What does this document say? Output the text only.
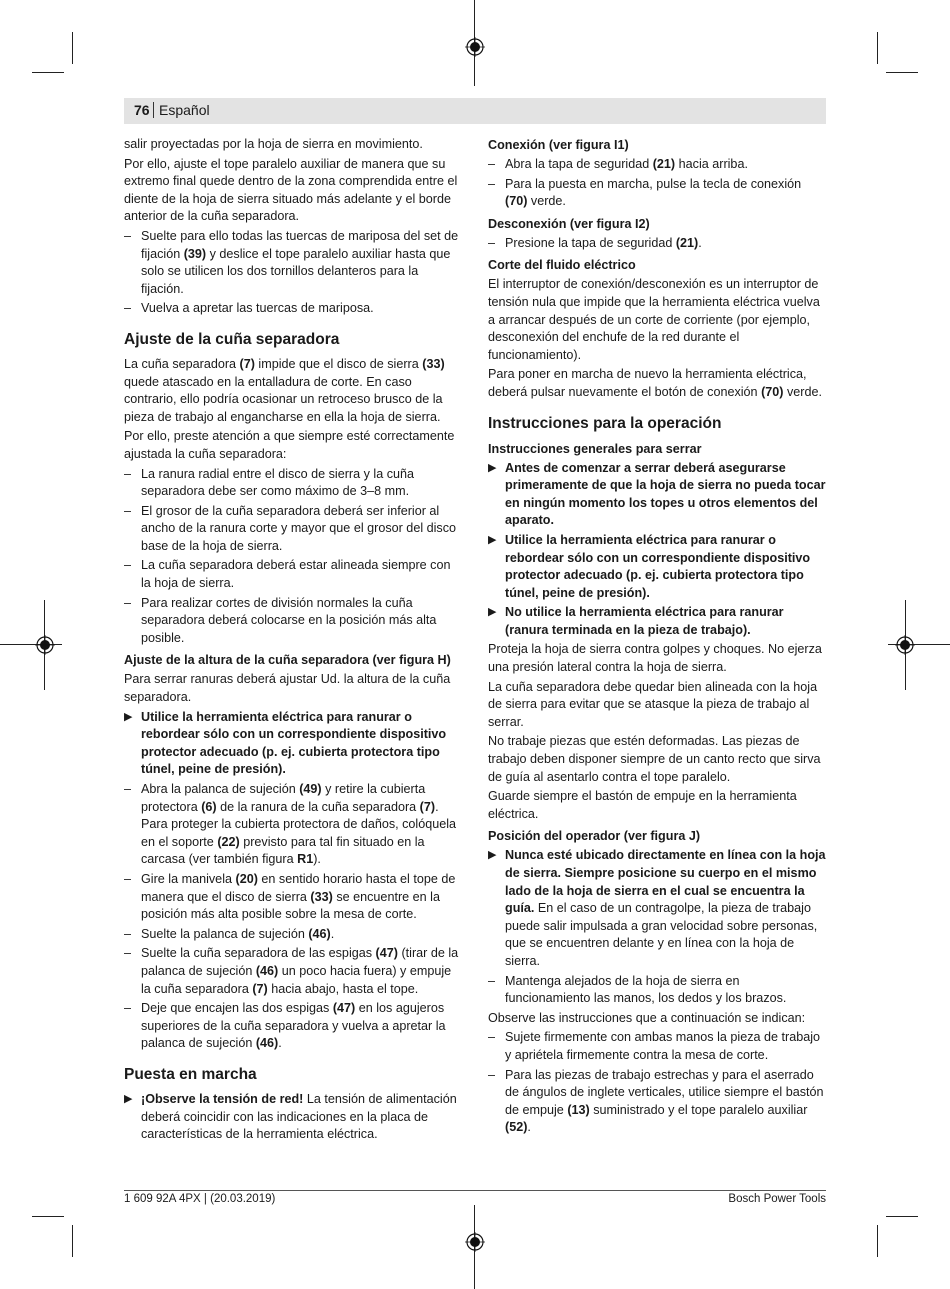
76 Español

salir proyectadas por la hoja de sierra en movimiento.

Por ello, ajuste el tope paralelo auxiliar de manera que su extremo final quede dentro de la zona comprendida entre el diente de la hoja de sierra situado más adelante y el borde anterior de la cuña separadora.

– Suelte para ello todas las tuercas de mariposa del set de fijación (39) y deslice el tope paralelo auxiliar hasta que solo se utilicen los dos tornillos delanteros para la fijación.

– Vuelva a apretar las tuercas de mariposa.

Ajuste de la cuña separadora

La cuña separadora (7) impide que el disco de sierra (33) quede atascado en la entalladura de corte. En caso contrario, ello podría ocasionar un retroceso brusco de la pieza de trabajo al engancharse en ella la hoja de sierra.

Por ello, preste atención a que siempre esté correctamente ajustada la cuña separadora:

– La ranura radial entre el disco de sierra y la cuña separadora debe ser como máximo de 3–8 mm.

– El grosor de la cuña separadora deberá ser inferior al ancho de la ranura corte y mayor que el grosor del disco base de la hoja de sierra.

– La cuña separadora deberá estar alineada siempre con la hoja de sierra.

– Para realizar cortes de división normales la cuña separadora deberá colocarse en la posición más alta posible.

Ajuste de la altura de la cuña separadora (ver figura H)

Para serrar ranuras deberá ajustar Ud. la altura de la cuña separadora.

▶ Utilice la herramienta eléctrica para ranurar o rebordear sólo con un correspondiente dispositivo protector adecuado (p. ej. cubierta protectora tipo túnel, peine de presión).

– Abra la palanca de sujeción (49) y retire la cubierta protectora (6) de la ranura de la cuña separadora (7).
Para proteger la cubierta protectora de daños, colóquela en el soporte (22) previsto para tal fin situado en la carcasa (ver también figura R1).

– Gire la manivela (20) en sentido horario hasta el tope de manera que el disco de sierra (33) se encuentre en la posición más alta posible sobre la mesa de corte.

– Suelte la palanca de sujeción (46).

– Suelte la cuña separadora de las espigas (47) (tirar de la palanca de sujeción (46) un poco hacia fuera) y empuje la cuña separadora (7) hacia abajo, hasta el tope.

– Deje que encajen las dos espigas (47) en los agujeros superiores de la cuña separadora y vuelva a apretar la palanca de sujeción (46).

Puesta en marcha
▶ ¡Observe la tensión de red! La tensión de alimentación deberá coincidir con las indicaciones en la placa de características de la herramienta eléctrica.

Conexión (ver figura I1)
– Abra la tapa de seguridad (21) hacia arriba.

– Para la puesta en marcha, pulse la tecla de conexión (70) verde.

Desconexión (ver figura I2)
– Presione la tapa de seguridad (21).

Corte del fluido eléctrico

El interruptor de conexión/desconexión es un interruptor de tensión nula que impide que la herramienta eléctrica vuelva a arrancar después de un corte de corriente (por ejemplo, desconexión del enchufe de la red durante el funcionamiento).

Para poner en marcha de nuevo la herramienta eléctrica, deberá pulsar nuevamente el botón de conexión (70) verde.

Instrucciones para la operación
Instrucciones generales para serrar
▶ Antes de comenzar a serrar deberá asegurarse primeramente de que la hoja de sierra no pueda tocar en ningún momento los topes u otros elementos del aparato.

▶ Utilice la herramienta eléctrica para ranurar o rebordear sólo con un correspondiente dispositivo protector adecuado (p. ej. cubierta protectora tipo túnel, peine de presión).

▶ No utilice la herramienta eléctrica para ranurar (ranura terminada en la pieza de trabajo).

Proteja la hoja de sierra contra golpes y choques. No ejerza una presión lateral contra la hoja de sierra.

La cuña separadora debe quedar bien alineada con la hoja de sierra para evitar que se atasque la pieza de trabajo al serrar.

No trabaje piezas que estén deformadas. Las piezas de trabajo deben disponer siempre de un canto recto que sirva de guía al asentarlo contra el tope paralelo.

Guarde siempre el bastón de empuje en la herramienta eléctrica.

Posición del operador (ver figura J)
▶ Nunca esté ubicado directamente en línea con la hoja de sierra. Siempre posicione su cuerpo en el mismo lado de la hoja de sierra en el cual se encuentra la guía. En el caso de un contragolpe, la pieza de trabajo puede salir impulsada a gran velocidad sobre personas, que se encuentren delante y en línea con la hoja de sierra.

– Mantenga alejados de la hoja de sierra en funcionamiento las manos, los dedos y los brazos.

Observe las instrucciones que a continuación se indican:

– Sujete firmemente con ambas manos la pieza de trabajo y apriétela firmemente contra la mesa de corte.

– Para las piezas de trabajo estrechas y para el aserrado de ángulos de inglete verticales, utilice siempre el bastón de empuje (13) suministrado y el tope paralelo auxiliar (52).

1 609 92A 4PX | (20.03.2019)	Bosch Power Tools
